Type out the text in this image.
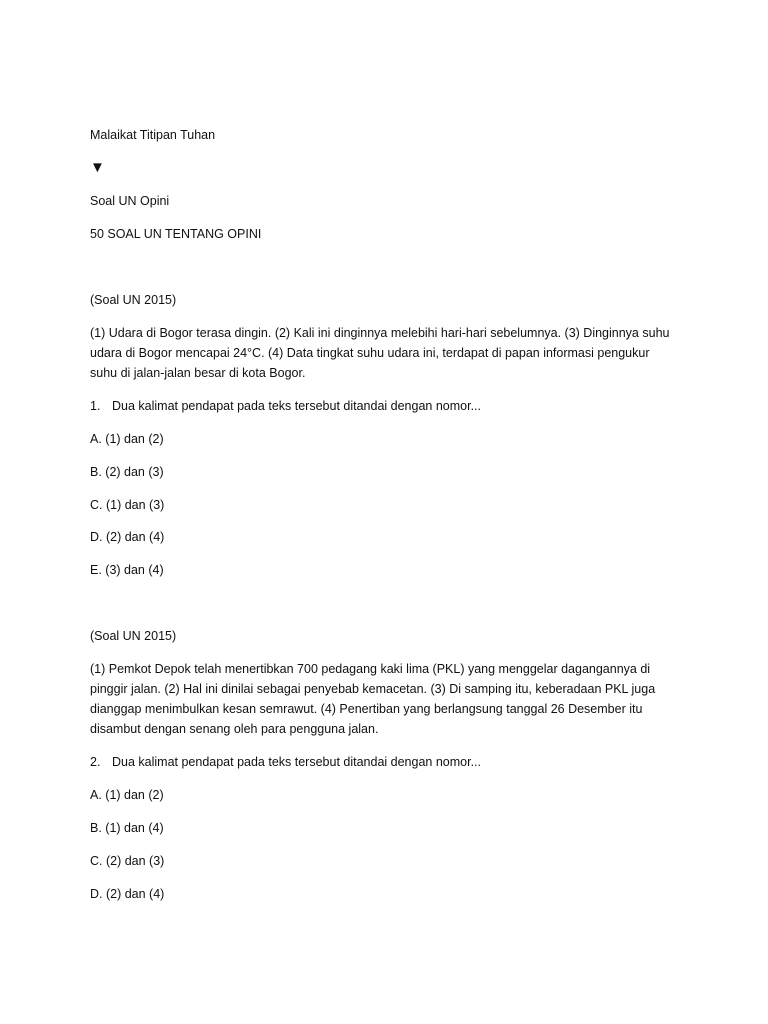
Malaikat Titipan Tuhan

▼

Soal UN Opini

50 SOAL UN TENTANG OPINI

(Soal UN 2015)

(1) Udara di Bogor terasa dingin. (2) Kali ini dinginnya melebihi hari-hari sebelumnya. (3) Dinginnya suhu
udara di Bogor mencapai 24°C. (4) Data tingkat suhu udara ini, terdapat di papan informasi pengukur
suhu di jalan-jalan besar di kota Bogor.

1. Dua kalimat pendapat pada teks tersebut ditandai dengan nomor...

A. (1) dan (2)

B. (2) dan (3)

C. (1) dan (3)

D. (2) dan (4)

E. (3) dan (4)

(Soal UN 2015)

(1) Pemkot Depok telah menertibkan 700 pedagang kaki lima (PKL) yang menggelar dagangannya di
pinggir jalan. (2) Hal ini dinilai sebagai penyebab kemacetan. (3) Di samping itu, keberadaan PKL juga
dianggap menimbulkan kesan semrawut. (4) Penertiban yang berlangsung tanggal 26 Desember itu
disambut dengan senang oleh para pengguna jalan.

2. Dua kalimat pendapat pada teks tersebut ditandai dengan nomor...

A. (1) dan (2)

B. (1) dan (4)

C. (2) dan (3)

D. (2) dan (4)
